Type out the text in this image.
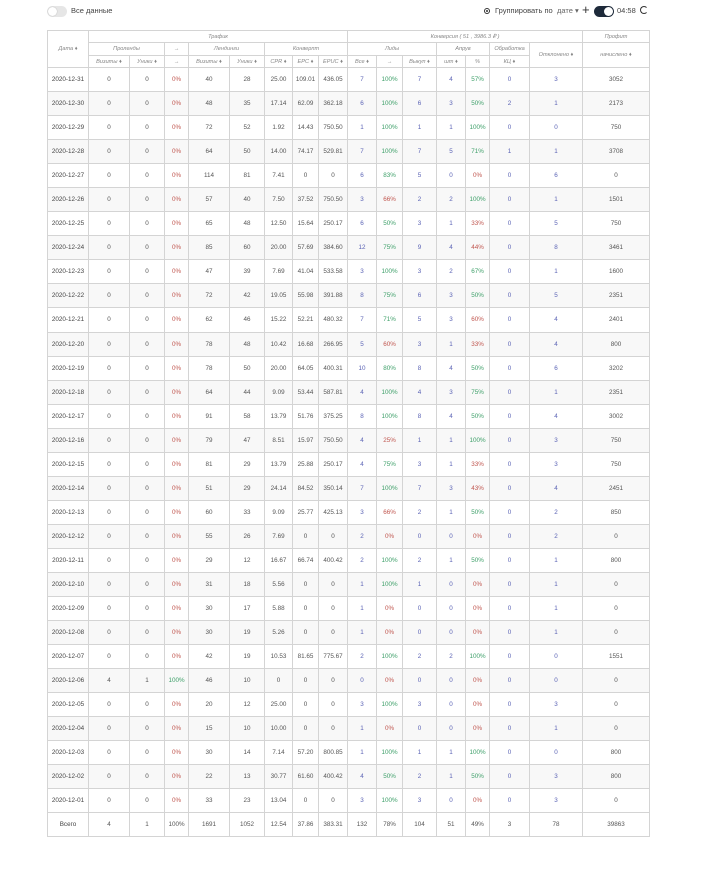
Все данные	Группировать по дате ▾ +	04:58
Дата ♦	Трафик								Конверсия ( 51 , 3986.3 ₽ )							Профит
	Проленды		→	Лендинги		Конверпт			Лиды			Апрув		Обработка	Отклонено ♦	начислено ♦
	Визиты ♦	Уники ♦	→	Визиты ♦	Уники ♦	CPR ♦	EPC ♦	EPUC ♦	Все ♦	→	Выкуп ♦	шт ♦	%	КЦ ♦		
2020-12-31	0	0	0%	40	28	25.00	109.01	436.05	7	100%	7	4	57%	0	3	3052
2020-12-30	0	0	0%	48	35	17.14	62.09	362.18	6	100%	6	3	50%	2	1	2173
2020-12-29	0	0	0%	72	52	1.92	14.43	750.50	1	100%	1	1	100%	0	0	750
2020-12-28	0	0	0%	64	50	14.00	74.17	529.81	7	100%	7	5	71%	1	1	3708
2020-12-27	0	0	0%	114	81	7.41	0	0	6	83%	5	0	0%	0	6	0
2020-12-26	0	0	0%	57	40	7.50	37.52	750.50	3	66%	2	2	100%	0	1	1501
2020-12-25	0	0	0%	65	48	12.50	15.64	250.17	6	50%	3	1	33%	0	5	750
2020-12-24	0	0	0%	85	60	20.00	57.69	384.60	12	75%	9	4	44%	0	8	3461
2020-12-23	0	0	0%	47	39	7.69	41.04	533.58	3	100%	3	2	67%	0	1	1600
2020-12-22	0	0	0%	72	42	19.05	55.98	391.88	8	75%	6	3	50%	0	5	2351
2020-12-21	0	0	0%	62	46	15.22	52.21	480.32	7	71%	5	3	60%	0	4	2401
2020-12-20	0	0	0%	78	48	10.42	16.68	266.95	5	60%	3	1	33%	0	4	800
2020-12-19	0	0	0%	78	50	20.00	64.05	400.31	10	80%	8	4	50%	0	6	3202
2020-12-18	0	0	0%	64	44	9.09	53.44	587.81	4	100%	4	3	75%	0	1	2351
2020-12-17	0	0	0%	91	58	13.79	51.76	375.25	8	100%	8	4	50%	0	4	3002
2020-12-16	0	0	0%	79	47	8.51	15.97	750.50	4	25%	1	1	100%	0	3	750
2020-12-15	0	0	0%	81	29	13.79	25.88	250.17	4	75%	3	1	33%	0	3	750
2020-12-14	0	0	0%	51	29	24.14	84.52	350.14	7	100%	7	3	43%	0	4	2451
2020-12-13	0	0	0%	60	33	9.09	25.77	425.13	3	66%	2	1	50%	0	2	850
2020-12-12	0	0	0%	55	26	7.69	0	0	2	0%	0	0	0%	0	2	0
2020-12-11	0	0	0%	29	12	16.67	66.74	400.42	2	100%	2	1	50%	0	1	800
2020-12-10	0	0	0%	31	18	5.56	0	0	1	100%	1	0	0%	0	1	0
2020-12-09	0	0	0%	30	17	5.88	0	0	1	0%	0	0	0%	0	1	0
2020-12-08	0	0	0%	30	19	5.26	0	0	1	0%	0	0	0%	0	1	0
2020-12-07	0	0	0%	42	19	10.53	81.65	775.67	2	100%	2	2	100%	0	0	1551
2020-12-06	4	1	100%	46	10	0	0	0	0	0%	0	0	0%	0	0	0
2020-12-05	0	0	0%	20	12	25.00	0	0	3	100%	3	0	0%	0	3	0
2020-12-04	0	0	0%	15	10	10.00	0	0	1	0%	0	0	0%	0	1	0
2020-12-03	0	0	0%	30	14	7.14	57.20	800.85	1	100%	1	1	100%	0	0	800
2020-12-02	0	0	0%	22	13	30.77	61.60	400.42	4	50%	2	1	50%	0	3	800
2020-12-01	0	0	0%	33	23	13.04	0	0	3	100%	3	0	0%	0	3	0
Всего	4	1	100%	1691	1052	12.54	37.86	383.31	132	78%	104	51	49%	3	78	39863
